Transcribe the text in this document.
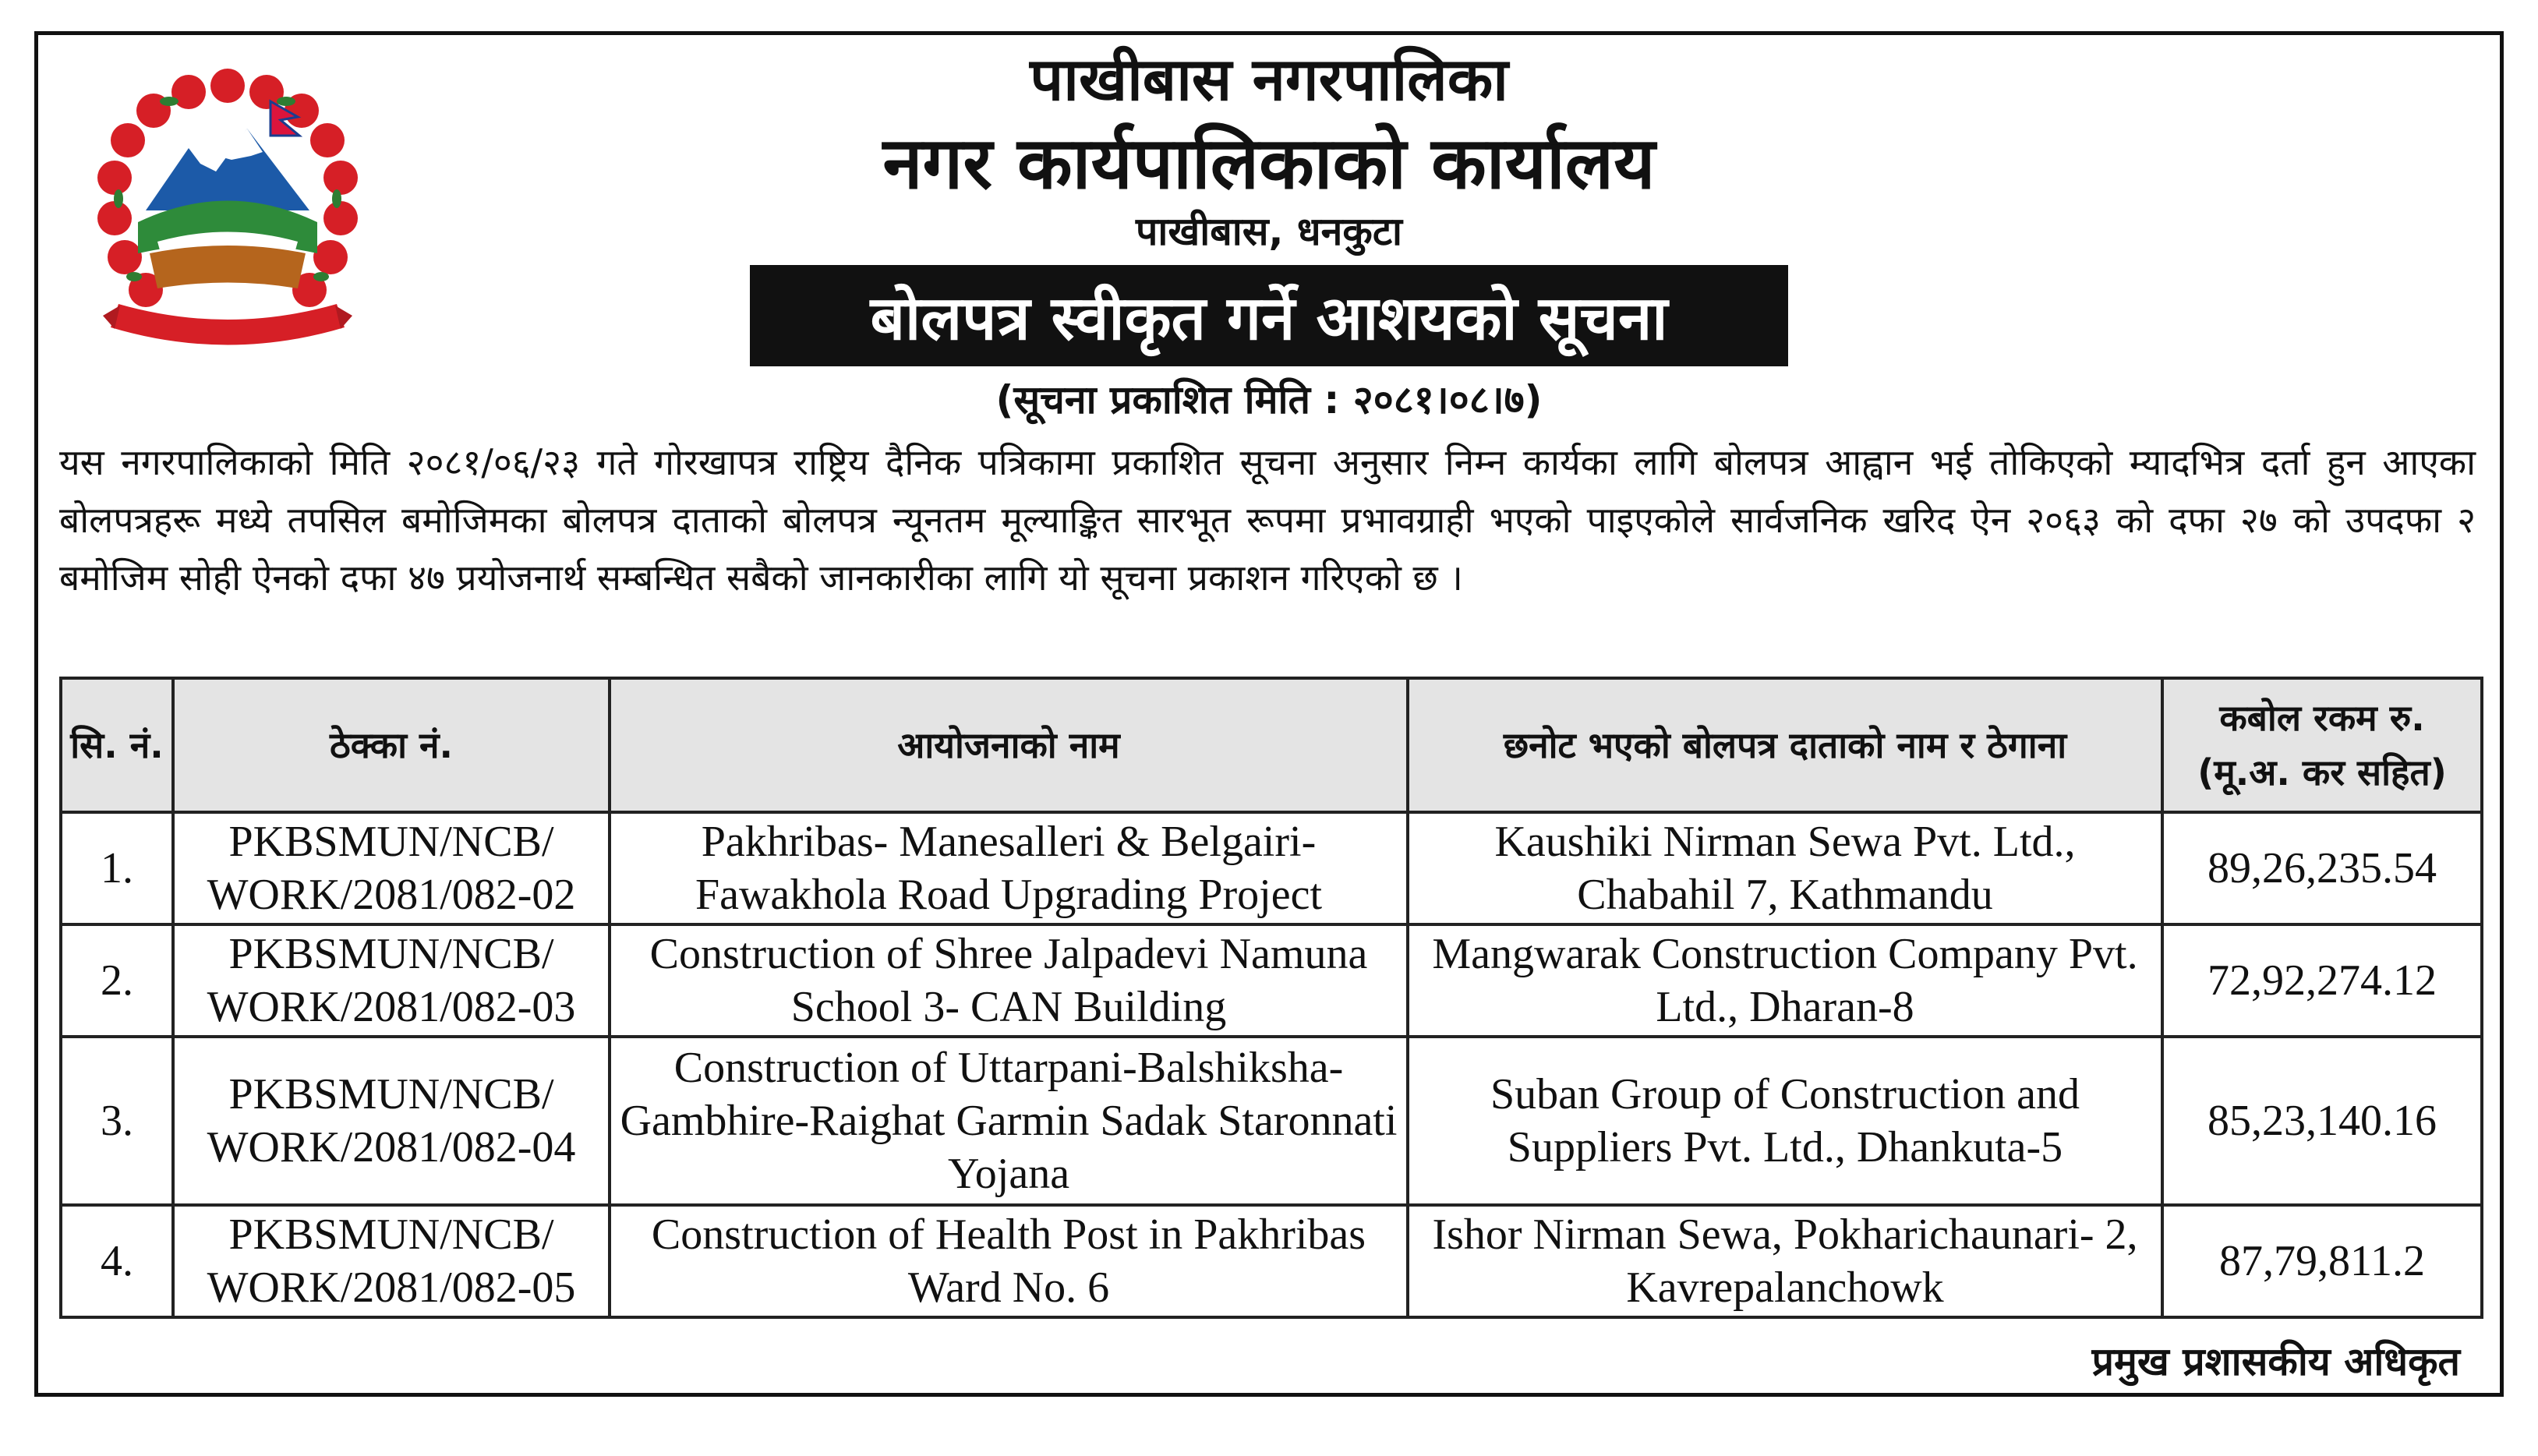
पाखीबास नगरपालिका
नगर कार्यपालिकाको कार्यालय
पाखीबास, धनकुटा
बोलपत्र स्वीकृत गर्ने आशयको सूचना
(सूचना प्रकाशित मिति : २०८१।०८।७)
यस नगरपालिकाको मिति २०८१/०६/२३ गते गोरखापत्र राष्ट्रिय दैनिक पत्रिकामा प्रकाशित सूचना अनुसार निम्न कार्यका लागि बोलपत्र आह्वान भई तोकिएको म्यादभित्र दर्ता हुन आएका बोलपत्रहरू मध्ये तपसिल बमोजिमका बोलपत्र दाताको बोलपत्र न्यूनतम मूल्याङ्कित सारभूत रूपमा प्रभावग्राही भएको पाइएकोले सार्वजनिक खरिद ऐन २०६३ को दफा २७ को उपदफा २ बमोजिम सोही ऐनको दफा ४७ प्रयोजनार्थ सम्बन्धित सबैको जानकारीका लागि यो सूचना प्रकाशन गरिएको छ ।
सि. नं.	ठेक्का नं.	आयोजनाको नाम	छनोट भएको बोलपत्र दाताको नाम र ठेगाना	कबोल रकम रु. (मू.अ. कर सहित)
1.	PKBSMUN/NCB/ WORK/2081/082-02	Pakhribas- Manesalleri & Belgairi- Fawakhola Road Upgrading Project	Kaushiki Nirman Sewa Pvt. Ltd., Chabahil 7, Kathmandu	89,26,235.54
2.	PKBSMUN/NCB/ WORK/2081/082-03	Construction of Shree Jalpadevi Namuna School 3- CAN Building	Mangwarak Construction Company Pvt. Ltd., Dharan-8	72,92,274.12
3.	PKBSMUN/NCB/ WORK/2081/082-04	Construction of Uttarpani-Balshiksha- Gambhire-Raighat Garmin Sadak Staronnati Yojana	Suban Group of Construction and Suppliers Pvt. Ltd., Dhankuta-5	85,23,140.16
4.	PKBSMUN/NCB/ WORK/2081/082-05	Construction of Health Post in Pakhribas Ward No. 6	Ishor Nirman Sewa, Pokharichaunari- 2, Kavrepalanchowk	87,79,811.2
प्रमुख प्रशासकीय अधिकृत
